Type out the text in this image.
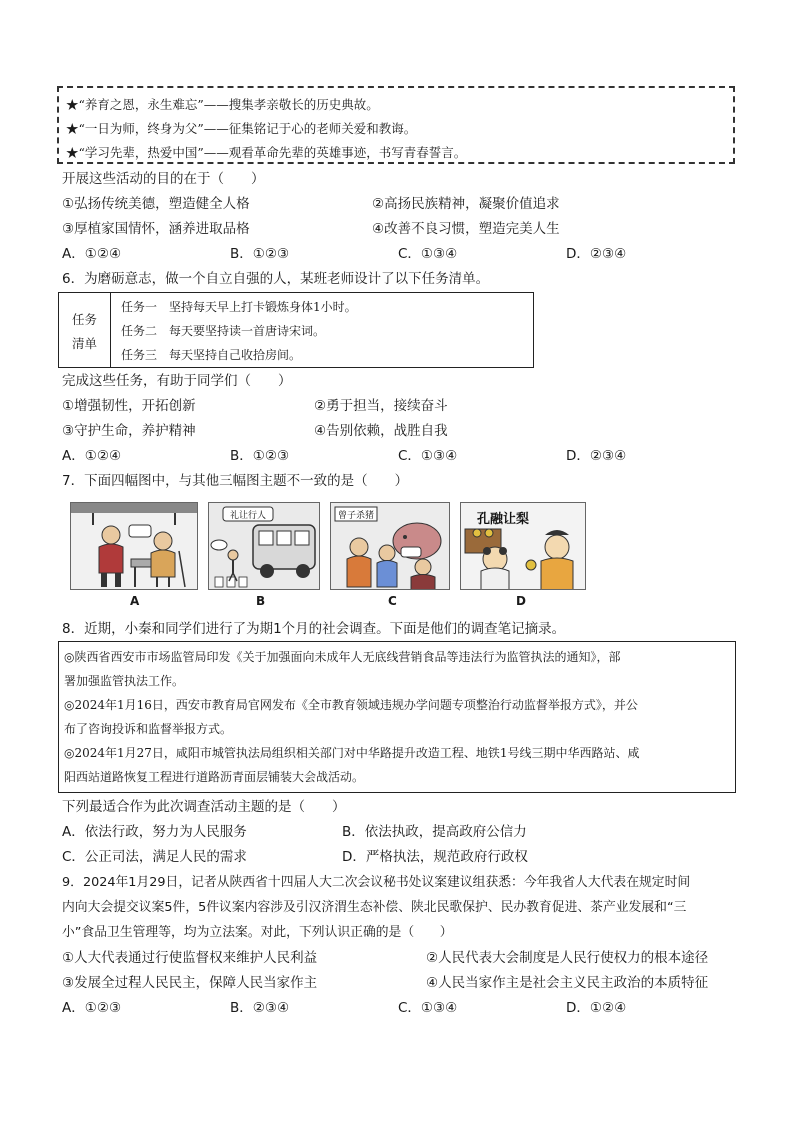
★“养育之恩，永生难忘”——搜集孝亲敬长的历史典故。
★“一日为师，终身为父”——征集铭记于心的老师关爱和教诲。
★“学习先辈，热爱中国”——观看革命先辈的英雄事迹，书写青春誓言。
开展这些活动的目的在于（　　）
①弘扬传统美德，塑造健全人格	②高扬民族精神，凝聚价值追求
③厚植家国情怀，涵养进取品格	④改善不良习惯，塑造完美人生
A．①②④	B．①②③	C．①③④	D．②③④
6．为磨砺意志，做一个自立自强的人，某班老师设计了以下任务清单。
任务
清单
任务一　坚持每天早上打卡锻炼身体1小时。
任务二　每天要坚持读一首唐诗宋词。
任务三　每天坚持自己收拾房间。
完成这些任务，有助于同学们（　　）
①增强韧性，开拓创新	②勇于担当，接续奋斗
③守护生命，养护精神	④告别依赖，战胜自我
A．①②④	B．①②③	C．①③④	D．②③④
7．下面四幅图中，与其他三幅图主题不一致的是（　　）
礼让行人	曾子杀猪	孔融让梨
A	B	C	D
8．近期，小秦和同学们进行了为期1个月的社会调查。下面是他们的调查笔记摘录。
◎陕西省西安市市场监管局印发《关于加强面向未成年人无底线营销食品等违法行为监管执法的通知》，部
署加强监管执法工作。
◎2024年1月16日，西安市教育局官网发布《全市教育领域违规办学问题专项整治行动监督举报方式》，并公
布了咨询投诉和监督举报方式。
◎2024年1月27日，咸阳市城管执法局组织相关部门对中华路提升改造工程、地铁1号线三期中华西路站、咸
阳西站道路恢复工程进行道路沥青面层铺装大会战活动。
下列最适合作为此次调查活动主题的是（　　）
A．依法行政，努力为人民服务	B．依法执政，提高政府公信力
C．公正司法，满足人民的需求	D．严格执法，规范政府行政权
9．2024年1月29日，记者从陕西省十四届人大二次会议秘书处议案建议组获悉：今年我省人大代表在规定时间
内向大会提交议案5件，5件议案内容涉及引汉济渭生态补偿、陕北民歌保护、民办教育促进、茶产业发展和“三
小”食品卫生管理等，均为立法案。对此，下列认识正确的是（　　）
①人大代表通过行使监督权来维护人民利益	②人民代表大会制度是人民行使权力的根本途径
③发展全过程人民民主，保障人民当家作主	④人民当家作主是社会主义民主政治的本质特征
A．①②③	B．②③④	C．①③④	D．①②④
